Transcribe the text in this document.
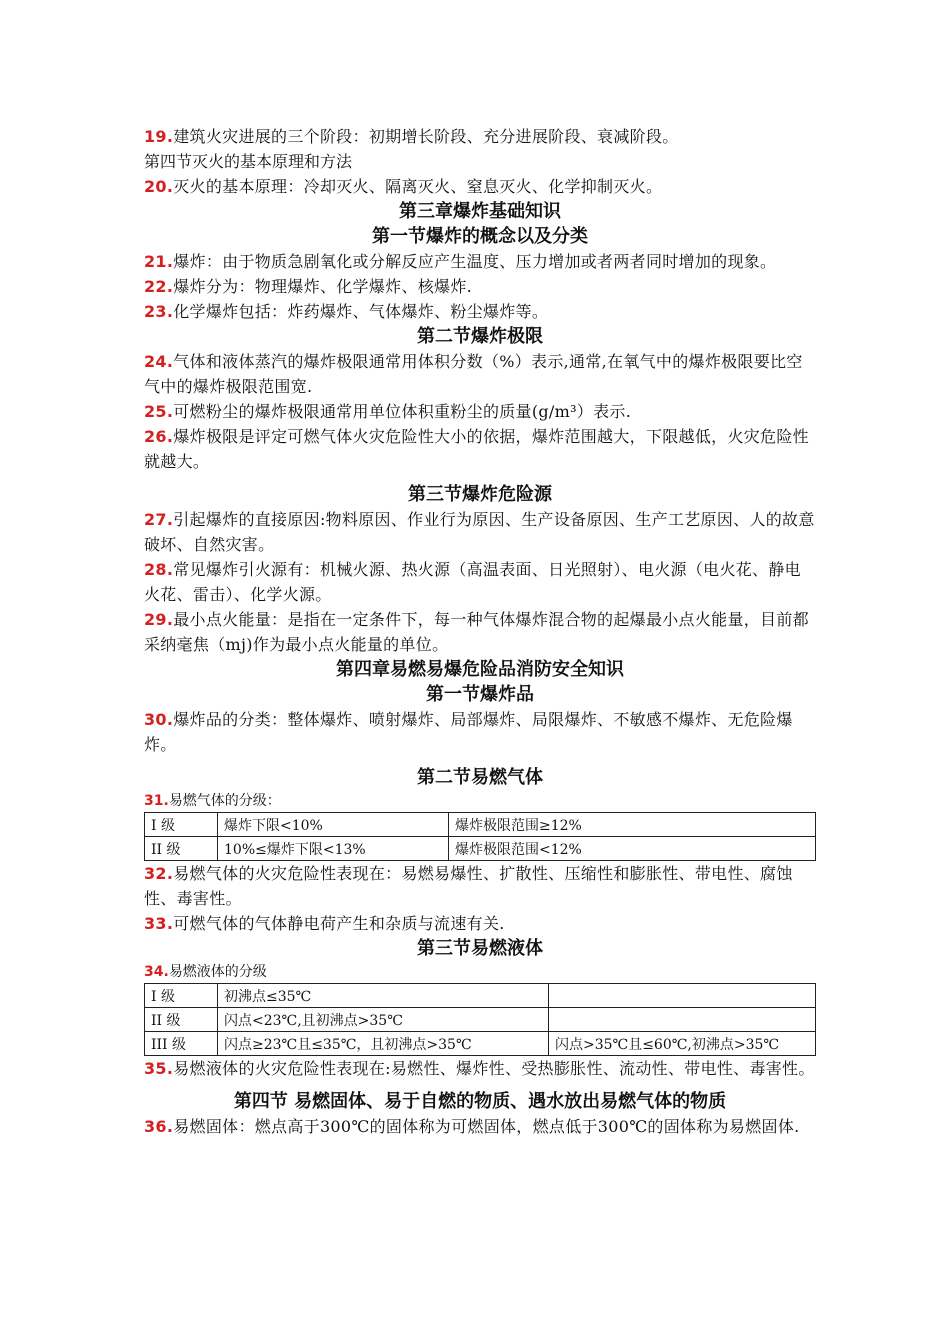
19.建筑火灾进展的三个阶段：初期增长阶段、充分进展阶段、衰减阶段。

第四节灭火的基本原理和方法

20.灭火的基本原理：冷却灭火、隔离灭火、窒息灭火、化学抑制灭火。

第三章爆炸基础知识

第一节爆炸的概念以及分类

21.爆炸：由于物质急剧氧化或分解反应产生温度、压力增加或者两者同时增加的现象。

22.爆炸分为：物理爆炸、化学爆炸、核爆炸.

23.化学爆炸包括：炸药爆炸、气体爆炸、粉尘爆炸等。

第二节爆炸极限

24.气体和液体蒸汽的爆炸极限通常用体积分数（%）表示,通常,在氧气中的爆炸极限要比空气中的爆炸极限范围宽.

25.可燃粉尘的爆炸极限通常用单位体积重粉尘的质量(g/m³）表示.

26.爆炸极限是评定可燃气体火灾危险性大小的依据，爆炸范围越大，下限越低，火灾危险性就越大。

第三节爆炸危险源

27.引起爆炸的直接原因:物料原因、作业行为原因、生产设备原因、生产工艺原因、人的故意破坏、自然灾害。

28.常见爆炸引火源有：机械火源、热火源（高温表面、日光照射）、电火源（电火花、静电火花、雷击）、化学火源。

29.最小点火能量：是指在一定条件下，每一种气体爆炸混合物的起爆最小点火能量，目前都采纳毫焦（mj)作为最小点火能量的单位。

第四章易燃易爆危险品消防安全知识

第一节爆炸品

30.爆炸品的分类：整体爆炸、喷射爆炸、局部爆炸、局限爆炸、不敏感不爆炸、无危险爆炸。

第二节易燃气体

31.易燃气体的分级：

I 级	爆炸下限<10%	爆炸极限范围≥12%
II 级	10%≤爆炸下限<13%	爆炸极限范围<12%

32.易燃气体的火灾危险性表现在：易燃易爆性、扩散性、压缩性和膨胀性、带电性、腐蚀性、毒害性。

33.可燃气体的气体静电荷产生和杂质与流速有关.

第三节易燃液体

34.易燃液体的分级

I 级	初沸点≤35℃	
II 级	闪点<23℃,且初沸点>35℃	
III 级	闪点≥23℃且≤35℃，且初沸点>35℃	闪点>35℃且≤60℃,初沸点>35℃

35.易燃液体的火灾危险性表现在:易燃性、爆炸性、受热膨胀性、流动性、带电性、毒害性。

第四节 易燃固体、易于自燃的物质、遇水放出易燃气体的物质

36.易燃固体：燃点高于300℃的固体称为可燃固体，燃点低于300℃的固体称为易燃固体.
